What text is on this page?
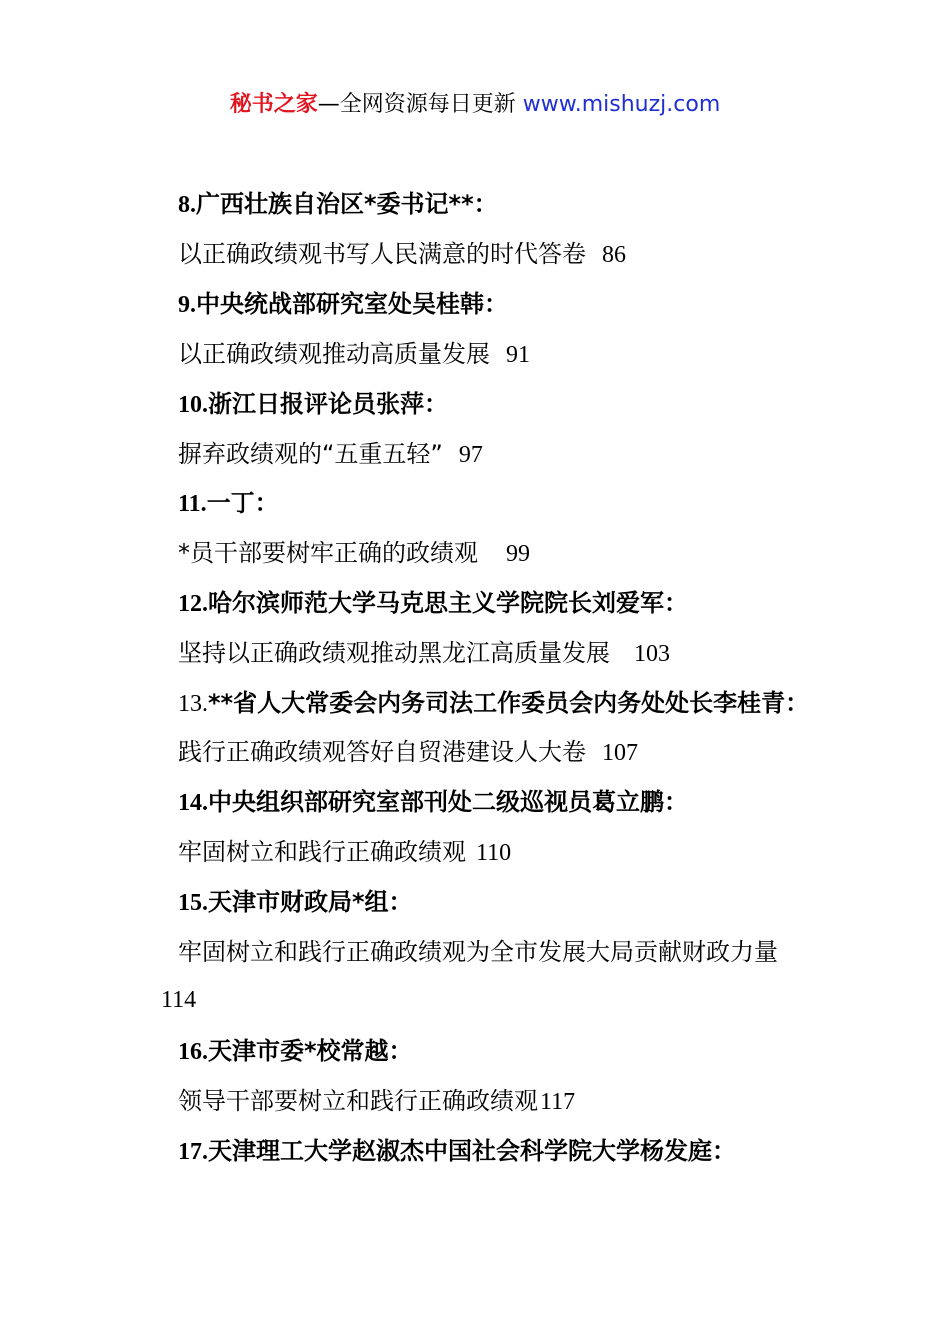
秘书之家—全网资源每日更新 www.mishuzj.com
8.广西壮族自治区*委书记**：
以正确政绩观书写人民满意的时代答卷 86
9.中央统战部研究室处吴桂韩：
以正确政绩观推动高质量发展 91
10.浙江日报评论员张萍：
摒弃政绩观的“五重五轻” 97
11.一丁：
*员干部要树牢正确的政绩观 99
12.哈尔滨师范大学马克思主义学院院长刘爱军：
坚持以正确政绩观推动黑龙江高质量发展 103
13.**省人大常委会内务司法工作委员会内务处处长李桂青：
践行正确政绩观答好自贸港建设人大卷 107
14.中央组织部研究室部刊处二级巡视员葛立鹏：
牢固树立和践行正确政绩观 110
15.天津市财政局*组：
牢固树立和践行正确政绩观为全市发展大局贡献财政力量
114
16.天津市委*校常越：
领导干部要树立和践行正确政绩观117
17.天津理工大学赵淑杰中国社会科学院大学杨发庭：
